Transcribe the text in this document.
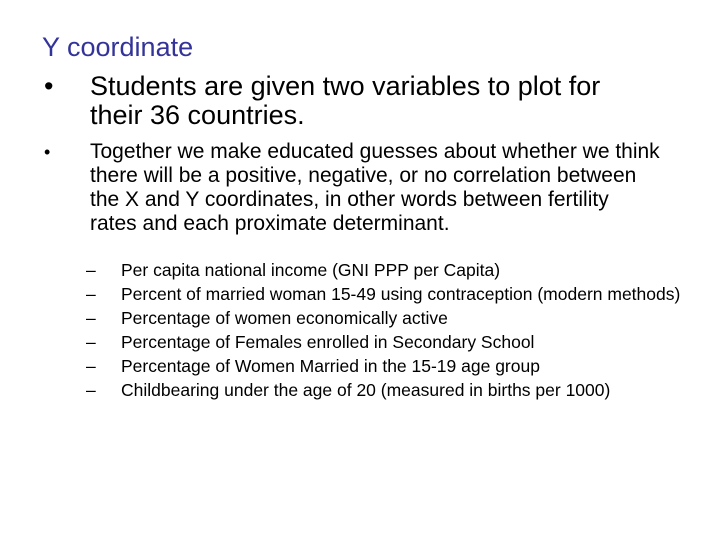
Y coordinate
•	Students are given two variables to plot for their 36 countries.
•	Together we make educated guesses about whether we think there will be a positive, negative, or no correlation between the X and Y coordinates, in other words between fertility rates and each proximate determinant.
–	Per capita national income (GNI PPP per Capita)
–	Percent of married woman 15-49 using contraception (modern methods)
–	Percentage of women economically active
–	Percentage of Females enrolled in Secondary School
–	Percentage of Women Married in the 15-19 age group
–	Childbearing under the age of 20 (measured in births per 1000)
